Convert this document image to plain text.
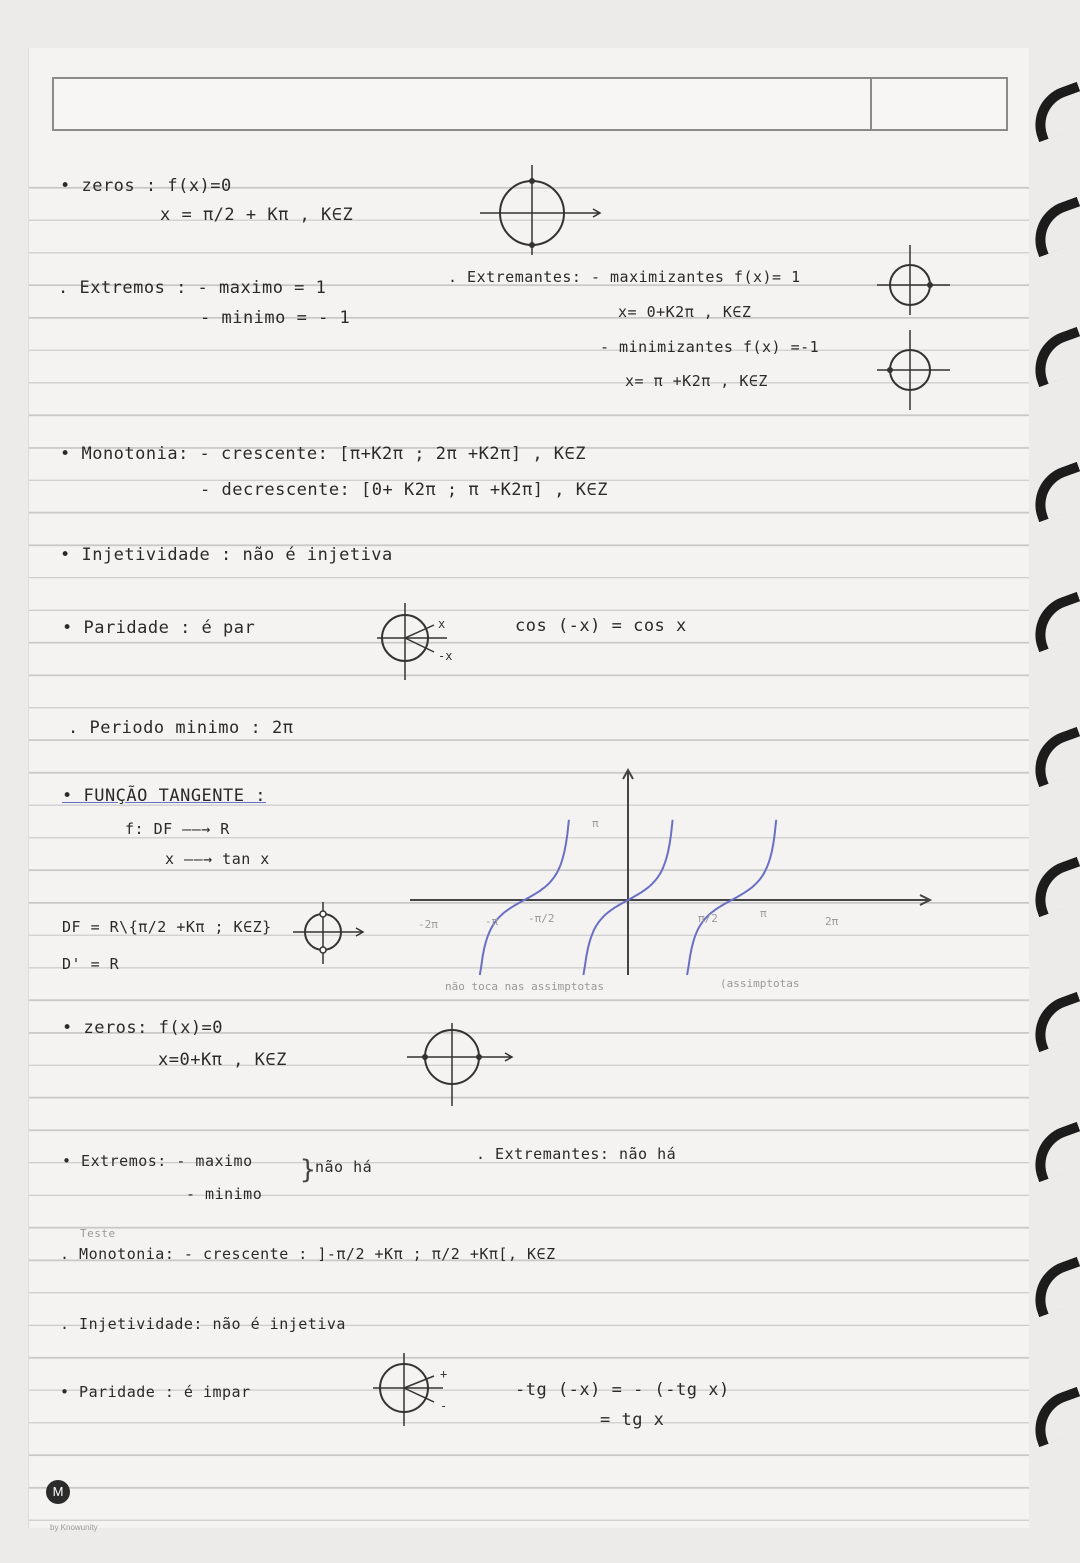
• zeros : f(x)=0
x = π/2 + Kπ , K∈Z
. Extremos : - maximo = 1
- minimo = - 1
. Extremantes: - maximizantes f(x)= 1
x= 0+K2π , K∈Z
- minimizantes f(x) =-1
x= π +K2π , K∈Z
• Monotonia: - crescente: [π+K2π ; 2π +K2π] , K∈Z
- decrescente: [0+ K2π ; π +K2π] , K∈Z
• Injetividade : não é injetiva
• Paridade : é par	x
-x
cos (-x) = cos x
. Periodo minimo : 2π
• FUNÇÃO TANGENTE :
f: DF ——→ R
x ——→ tan x
DF = R\{π/2 +Kπ ; K∈Z}
D' = R
-2π	-π	-π/2
π
π/2	π
2π
não toca nas assimptotas	(assimptotas
• zeros: f(x)=0
x=0+Kπ , K∈Z
• Extremos: - maximo
- minimo
}
não há
. Extremantes: não há
Teste
. Monotonia: - crescente : ]-π/2 +Kπ ; π/2 +Kπ[, K∈Z
. Injetividade: não é injetiva
• Paridade : é impar
+
-
-tg (-x) = - (-tg x)
= tg x
M
by Knowunity
